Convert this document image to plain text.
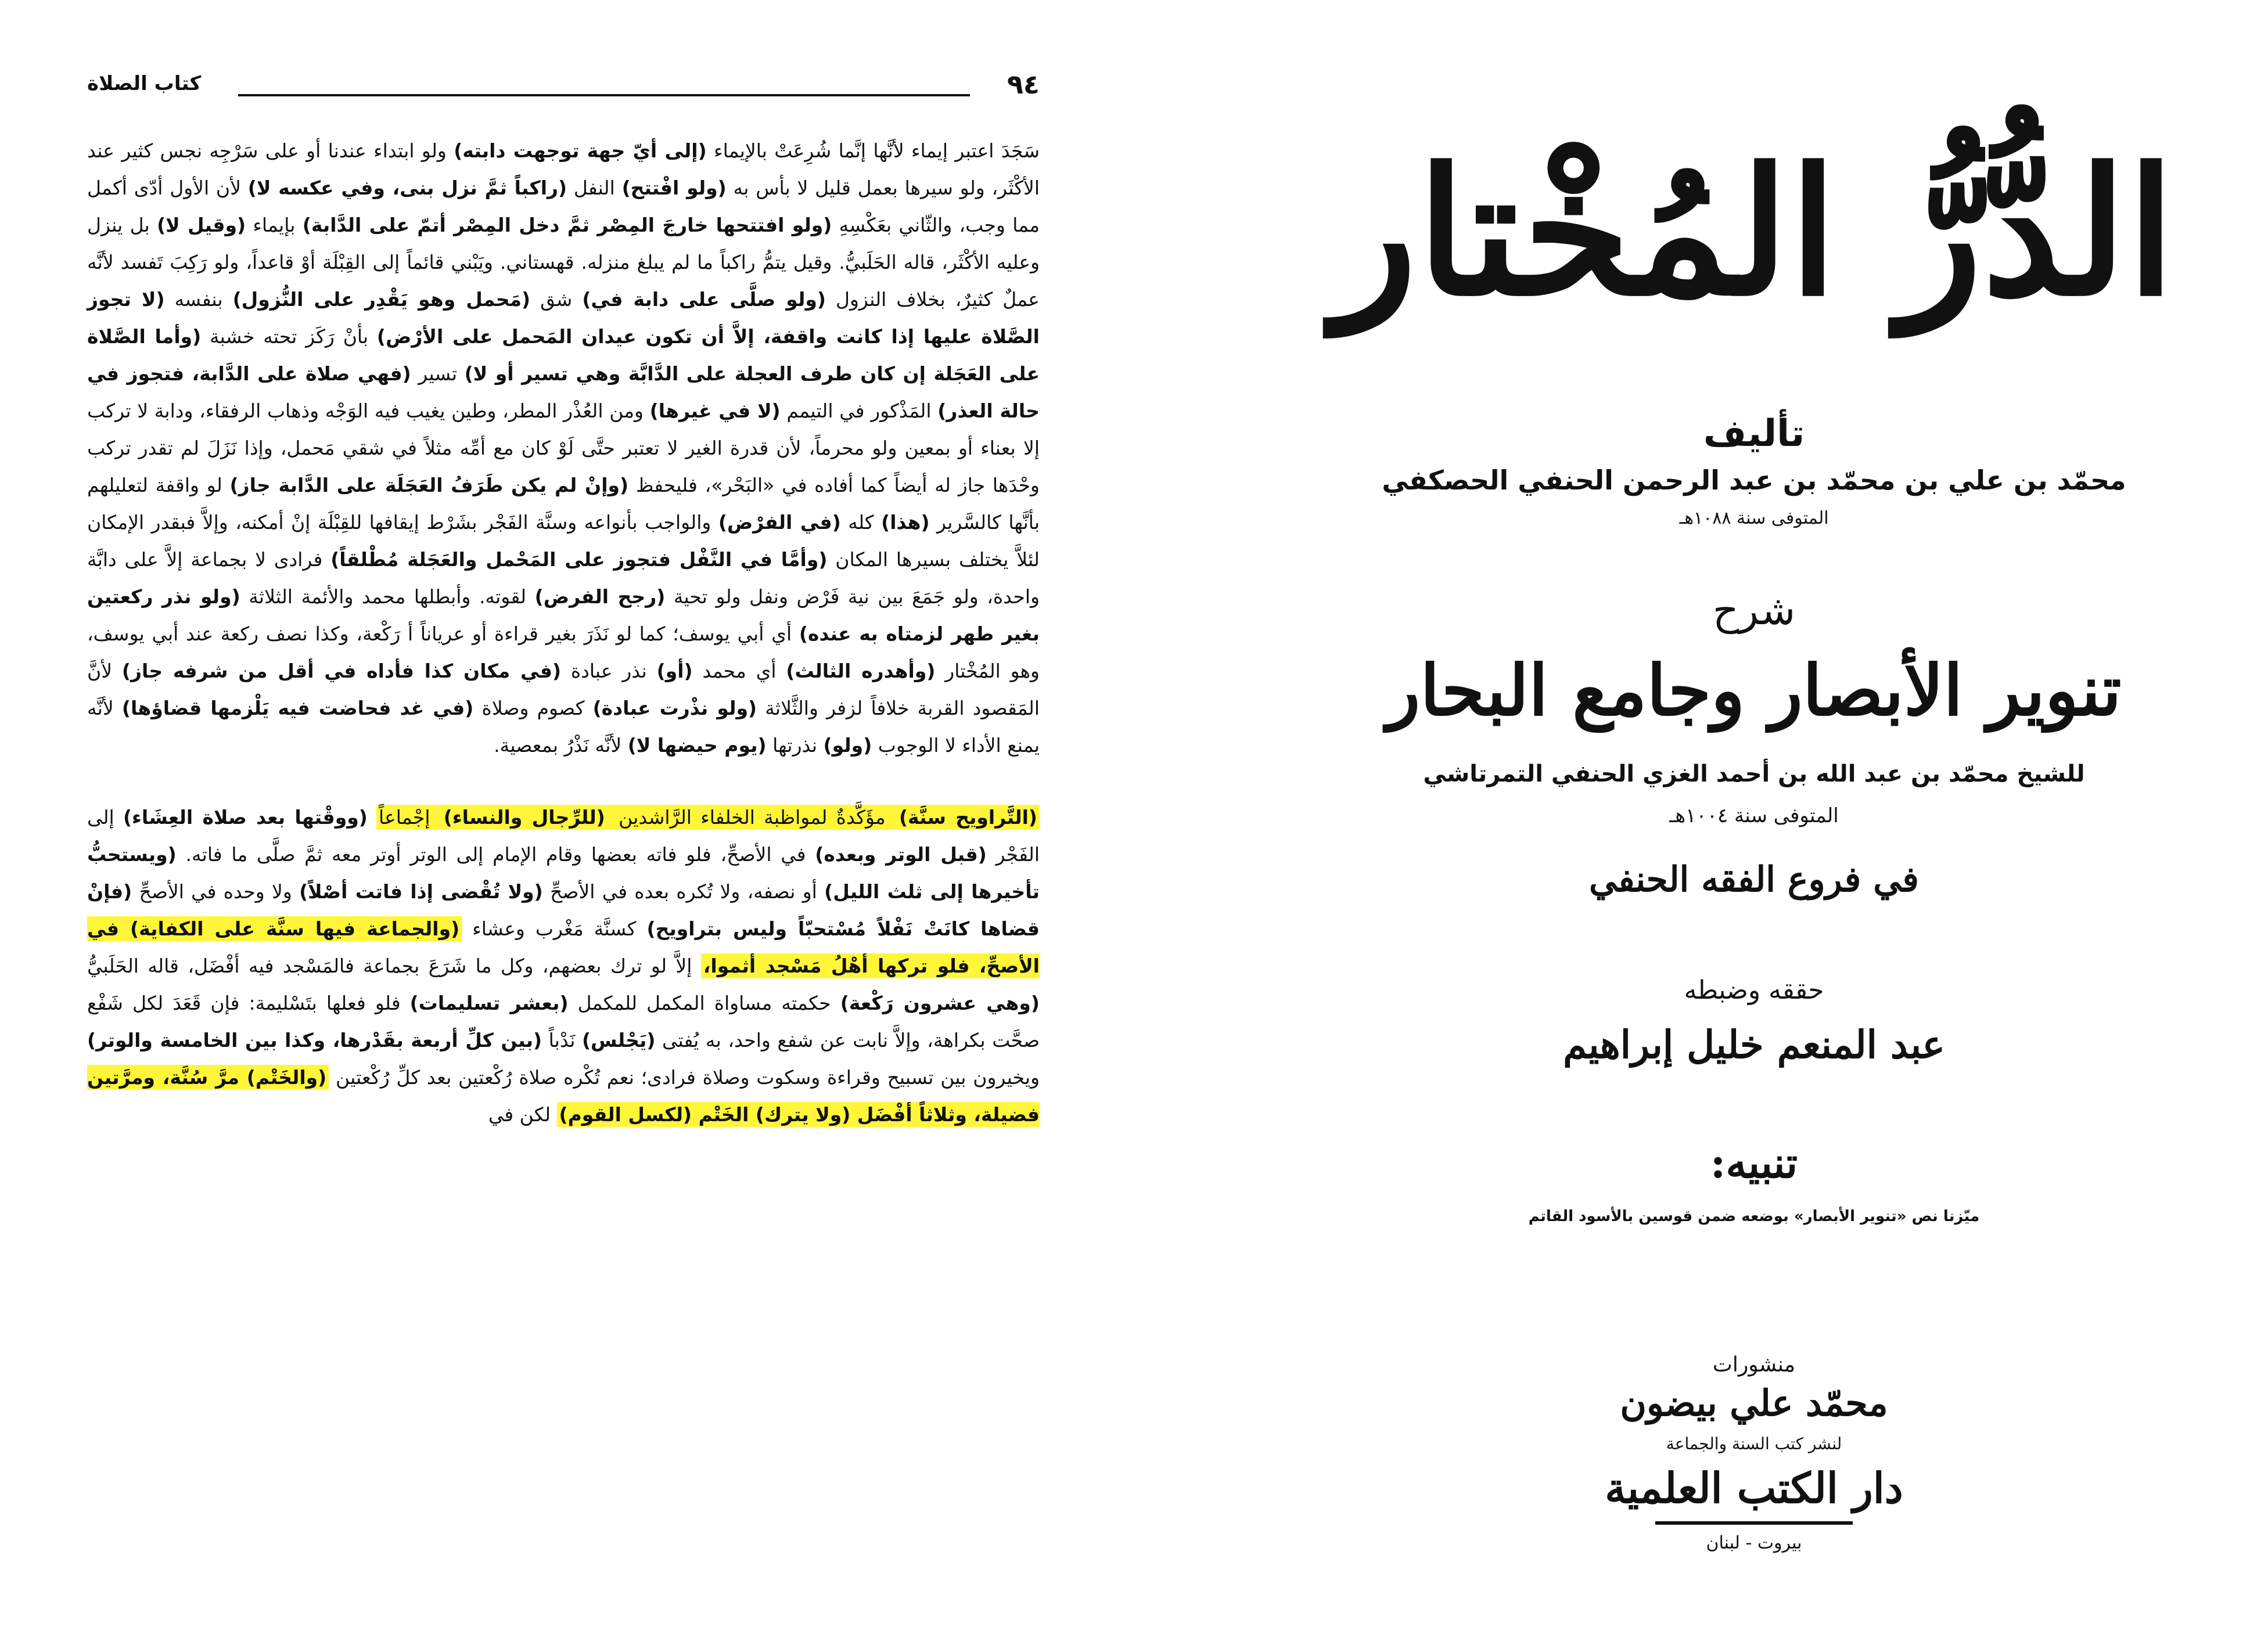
٩٤
كتاب الصلاة

سَجَدَ اعتبر إيماء لأنَّها إنَّما شُرِعَتْ بالإيماء (إلى أيّ جهة توجهت دابته) ولو ابتداء عندنا أو على سَرْجِه نجس كثير عند الأكْثَر، ولو سيرها بعمل قليل لا بأس به (ولو افْتتح) النفل (راكباً ثمَّ نزل بنى، وفي عكسه لا) لأن الأول أدّى أكمل مما وجب، والثّاني بعَكْسِهِ (ولو افتتحها خارجَ المِصْر ثمَّ دخل المِصْر أتمّ على الدَّابة) بإيماء (وقيل لا) بل ينزل وعليه الأكْثَر، قاله الحَلَبيُّ. وقيل يتمُّ راكباً ما لم يبلغ منزله. قهستاني. ويَبْني قائماً إلى القِبْلَة أوْ قاعداً، ولو رَكِبَ تَفسد لأنَّه عملٌ كثيرٌ، بخلاف النزول (ولو صلَّى على دابة في) شق (مَحمل وهو يَقْدِر على النُّزول) بنفسه (لا تجوز الصَّلاة عليها إذا كانت واقفة، إلاَّ أن تكون عيدان المَحمل على الأرْض) بأنْ رَكَز تحته خشبة (وأما الصَّلاة على العَجَلة إن كان طرف العجلة على الدَّابَّة وهي تسير أو لا) تسير (فهي صلاة على الدَّابة، فتجوز في حالة العذر) المَذْكور في التيمم (لا في غيرها) ومن العُذْر المطر، وطين يغيب فيه الوَجْه وذهاب الرفقاء، ودابة لا تركب إلا بعناء أو بمعين ولو محرماً، لأن قدرة الغير لا تعتبر حتَّى لَوْ كان مع أمِّه مثلاً في شقي مَحمل، وإذا نَزَلَ لم تقدر تركب وحْدَها جاز له أيضاً كما أفاده في «البَحْر»، فليحفظ (وإنْ لم يكن طَرَفُ العَجَلَة على الدَّابة جاز) لو واقفة لتعليلهم بأنَّها كالسَّرير (هذا) كله (في الفرْض) والواجب بأنواعه وسنَّة الفَجْر بشَرْط إيقافها للقِبْلَة إنْ أمكنه، وإلاَّ فبقدر الإمكان لئلاَّ يختلف بسيرها المكان (وأمَّا في النَّفْل فتجوز على المَحْمل والعَجَلة مُطْلقاً) فرادى لا بجماعة إلاَّ على دابَّة واحدة، ولو جَمَعَ بين نية فَرْض ونفل ولو تحية (رجح الفرض) لقوته. وأبطلها محمد والأئمة الثلاثة (ولو نذر ركعتين بغير طهر لزمتاه به عنده) أي أبي يوسف؛ كما لو نَذَرَ بغير قراءة أو عرياناً أ رَكْعة، وكذا نصف ركعة عند أبي يوسف، وهو المُخْتار (وأهدره الثالث) أي محمد (أو) نذر عبادة (في مكان كذا فأداه في أقل من شرفه جاز) لأنَّ المَقصود القربة خلافاً لزفر والثَّلاثة (ولو نذْرت عبادة) كصوم وصلاة (في غد فحاضت فيه يَلْزمها قضاؤها) لأنَّه يمنع الأداء لا الوجوب (ولو) نذرتها (يوم حيضها لا) لأنَّه نَذْرُ بمعصية.

(التَّراويح سنَّة) مؤَكَّدةٌ لمواظبة الخلفاء الرَّاشدين (للرِّجال والنساء) إجْماعاً (ووقْتها بعد صلاة العِشَاء) إلى الفَجْر (قبل الوتر وبعده) في الأصحِّ، فلو فاته بعضها وقام الإمام إلى الوتر أوتر معه ثمَّ صلَّى ما فاته. (ويستحبُّ تأخيرها إلى ثلث الليل) أو نصفه، ولا تُكره بعده في الأصحِّ (ولا تُقْضى إذا فاتت أصْلاً) ولا وحده في الأصحِّ (فإنْ قضاها كانَتْ نَفْلاً مُسْتحبّاً وليس بتراويح) كسنَّة مَغْرب وعشاء (والجماعة فيها سنَّة على الكفاية) في الأصحِّ، فلو تركها أهْلُ مَسْجد أثموا، إلاَّ لو ترك بعضهم، وكل ما شَرَعَ بجماعة فالمَسْجد فيه أفْضَل، قاله الحَلَبيُّ (وهي عشرون رَكْعة) حكمته مساواة المكمل للمكمل (بعشر تسليمات) فلو فعلها بتَسْليمة: فإن قَعَدَ لكل شَفْع صحَّت بكراهة، وإلاَّ نابت عن شفع واحد، به يُفتى (يَجْلس) نَدْباً (بين كلِّ أربعة بقَدْرها، وكذا بين الخامسة والوتر) ويخيرون بين تسبيح وقراءة وسكوت وصلاة فرادى؛ نعم تُكْره صلاة رُكْعتين بعد كلِّ رُكْعتين (والخَتْم) مرَّ سُنَّة، ومرَّتين فضيلة، وثلاثاً أفْضَل (ولا يترك) الخَتْم (لكسل القوم) لكن في

الدُّرُّ المُخْتار
تأليف
محمّد بن علي بن محمّد بن عبد الرحمن الحنفي الحصكفي
المتوفى سنة ١٠٨٨هـ
شرح
تنوير الأبصار وجامع البحار
للشيخ محمّد بن عبد الله بن أحمد الغزي الحنفي التمرتاشي
المتوفى سنة ١٠٠٤هـ
في فروع الفقه الحنفي
حققه وضبطه
عبد المنعم خليل إبراهيم
تنبيه:
ميّزنا نص «تنوير الأبصار» بوضعه ضمن قوسين بالأسود القاتم
منشورات
محمّد علي بيضون
لنشر كتب السنة والجماعة
دار الكتب العلمية
بيروت - لبنان
